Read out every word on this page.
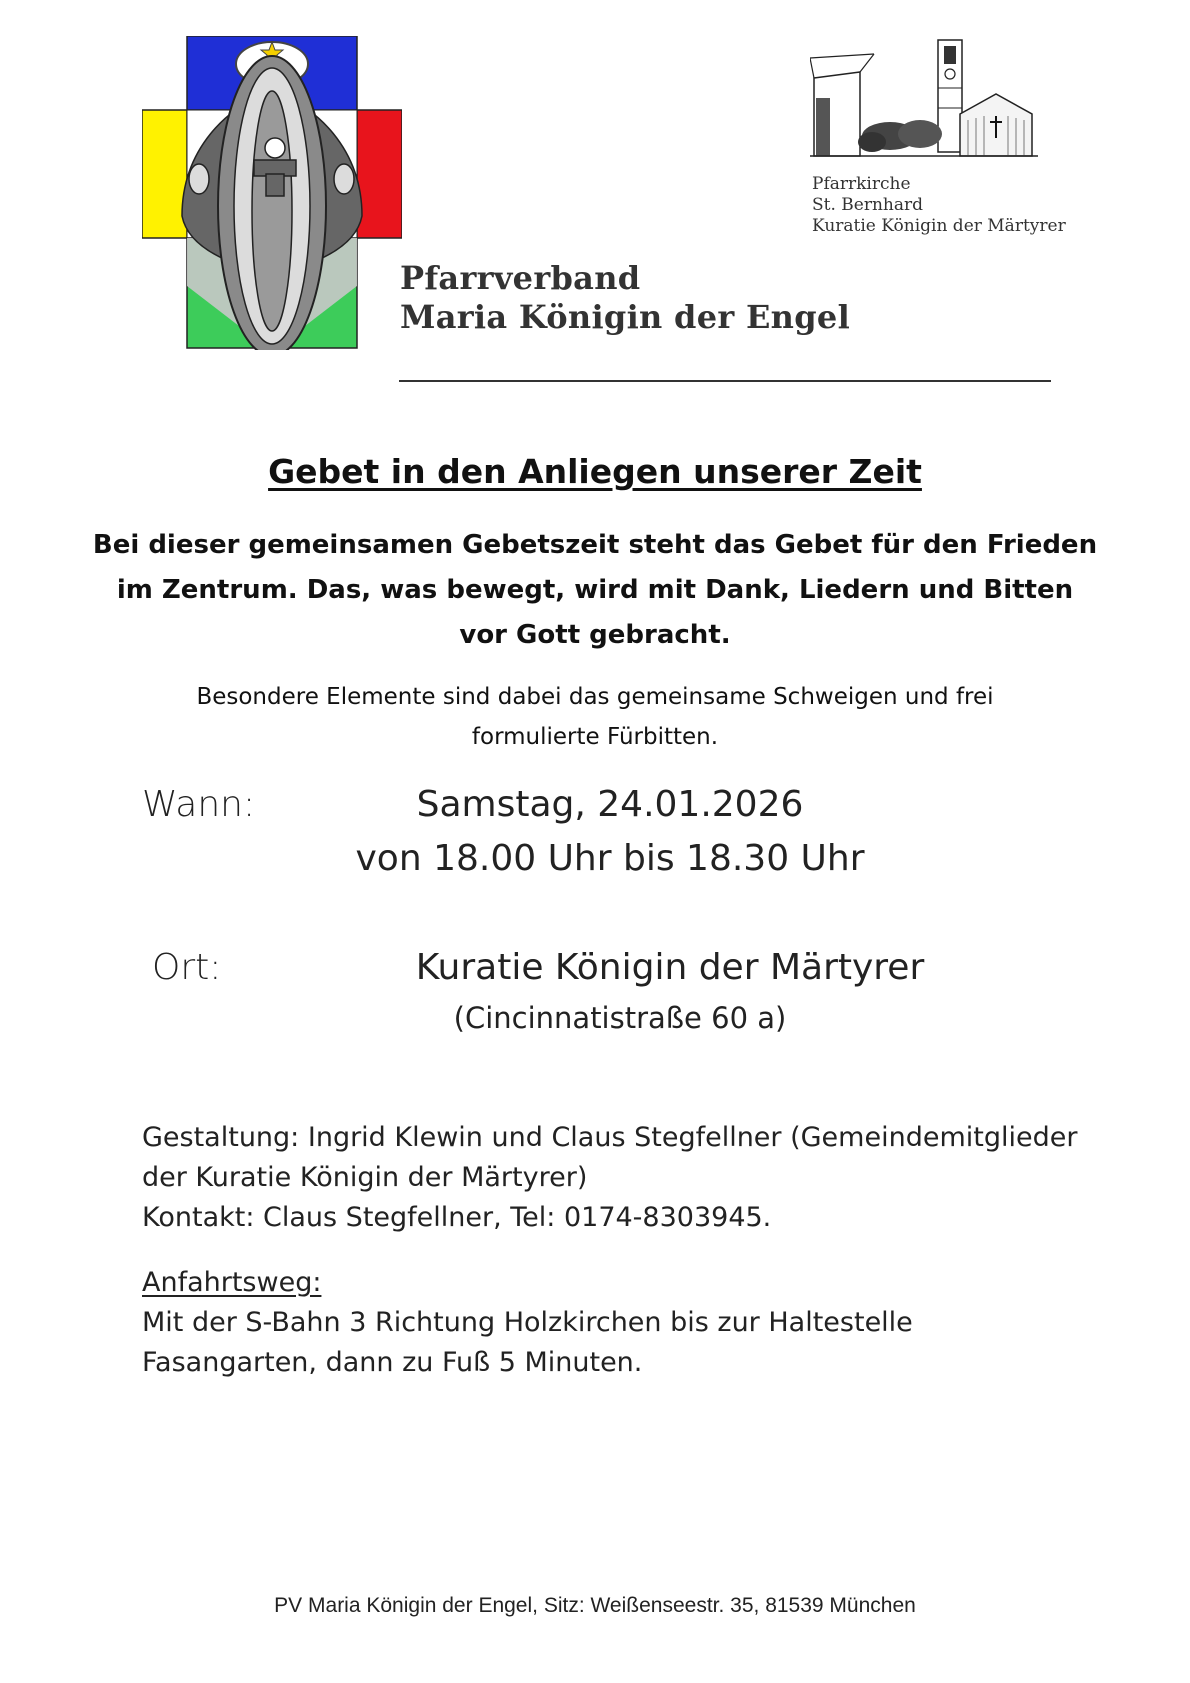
Pfarrkirche
St. Bernhard
Kuratie Königin der Märtyrer
Pfarrverband
Maria Königin der Engel
Gebet in den Anliegen unserer Zeit
Bei dieser gemeinsamen Gebetszeit steht das Gebet für den Frieden
im Zentrum. Das, was bewegt, wird mit Dank, Liedern und Bitten
vor Gott gebracht.
Besondere Elemente sind dabei das gemeinsame Schweigen und frei
formulierte Fürbitten.
Wann:	Samstag, 24.01.2026
von 18.00 Uhr bis 18.30 Uhr
Ort:	Kuratie Königin der Märtyrer
(Cincinnatistraße 60 a)
Gestaltung: Ingrid Klewin und Claus Stegfellner (Gemeindemitglieder
der Kuratie Königin der Märtyrer)
Kontakt: Claus Stegfellner, Tel: 0174-8303945.
Anfahrtsweg:
Mit der S-Bahn 3 Richtung Holzkirchen bis zur Haltestelle
Fasangarten, dann zu Fuß 5 Minuten.
PV Maria Königin der Engel, Sitz: Weißenseestr. 35, 81539 München
